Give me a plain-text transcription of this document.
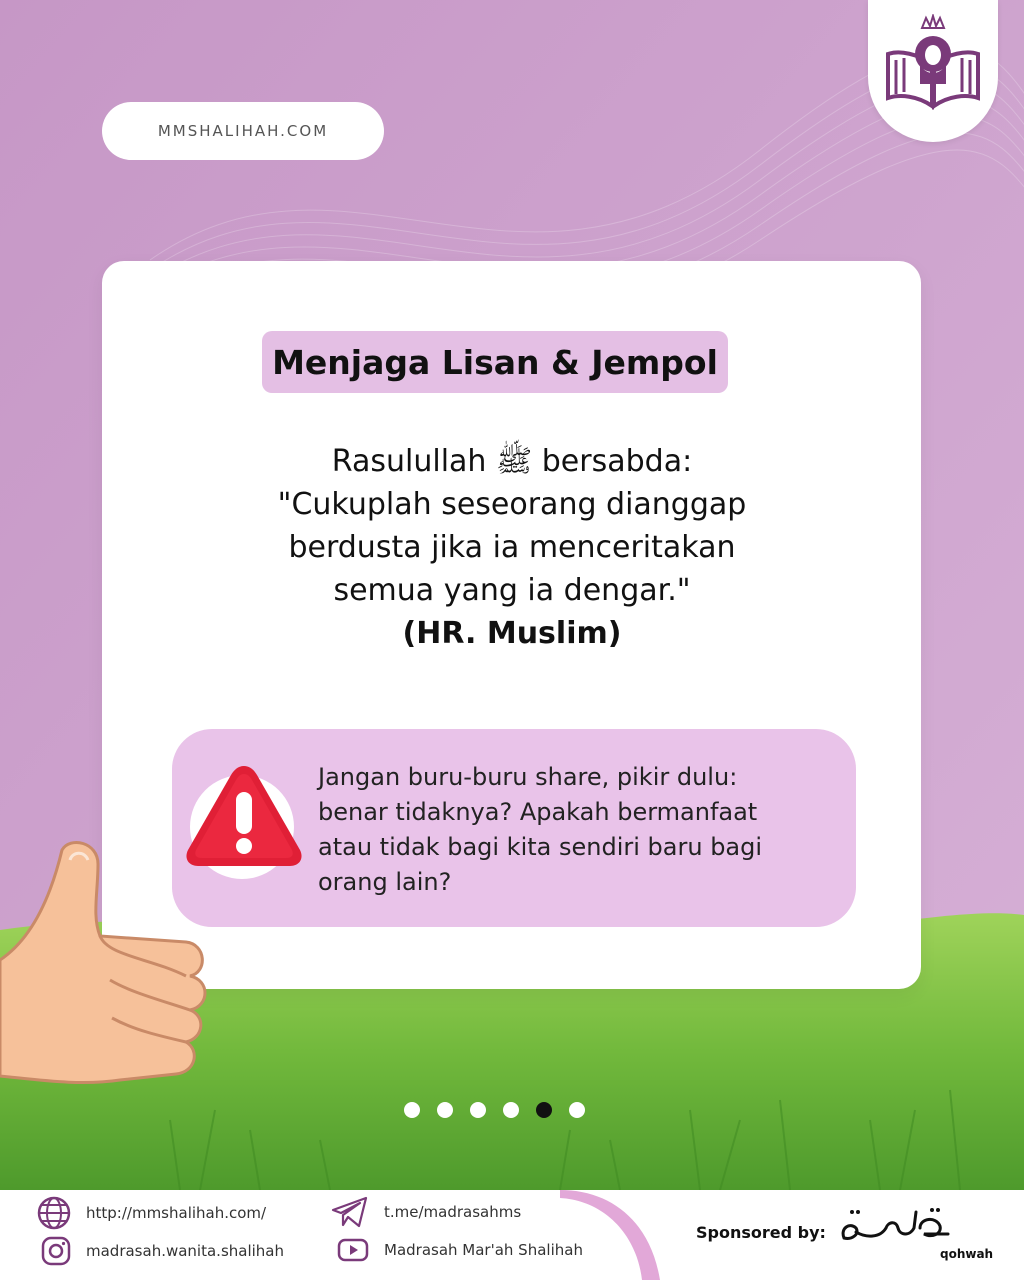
MMSHALIHAH.COM
Menjaga Lisan & Jempol
Rasulullah ﷺ bersabda:
"Cukuplah seseorang dianggap
berdusta jika ia menceritakan
semua yang ia dengar."
(HR. Muslim)
Jangan buru-buru share, pikir dulu:
benar tidaknya? Apakah bermanfaat
atau tidak bagi kita sendiri baru bagi
orang lain?
http://mmshalihah.com/
madrasah.wanita.shalihah
t.me/madrasahms
Madrasah Mar'ah Shalihah
Sponsored by:
qohwah
